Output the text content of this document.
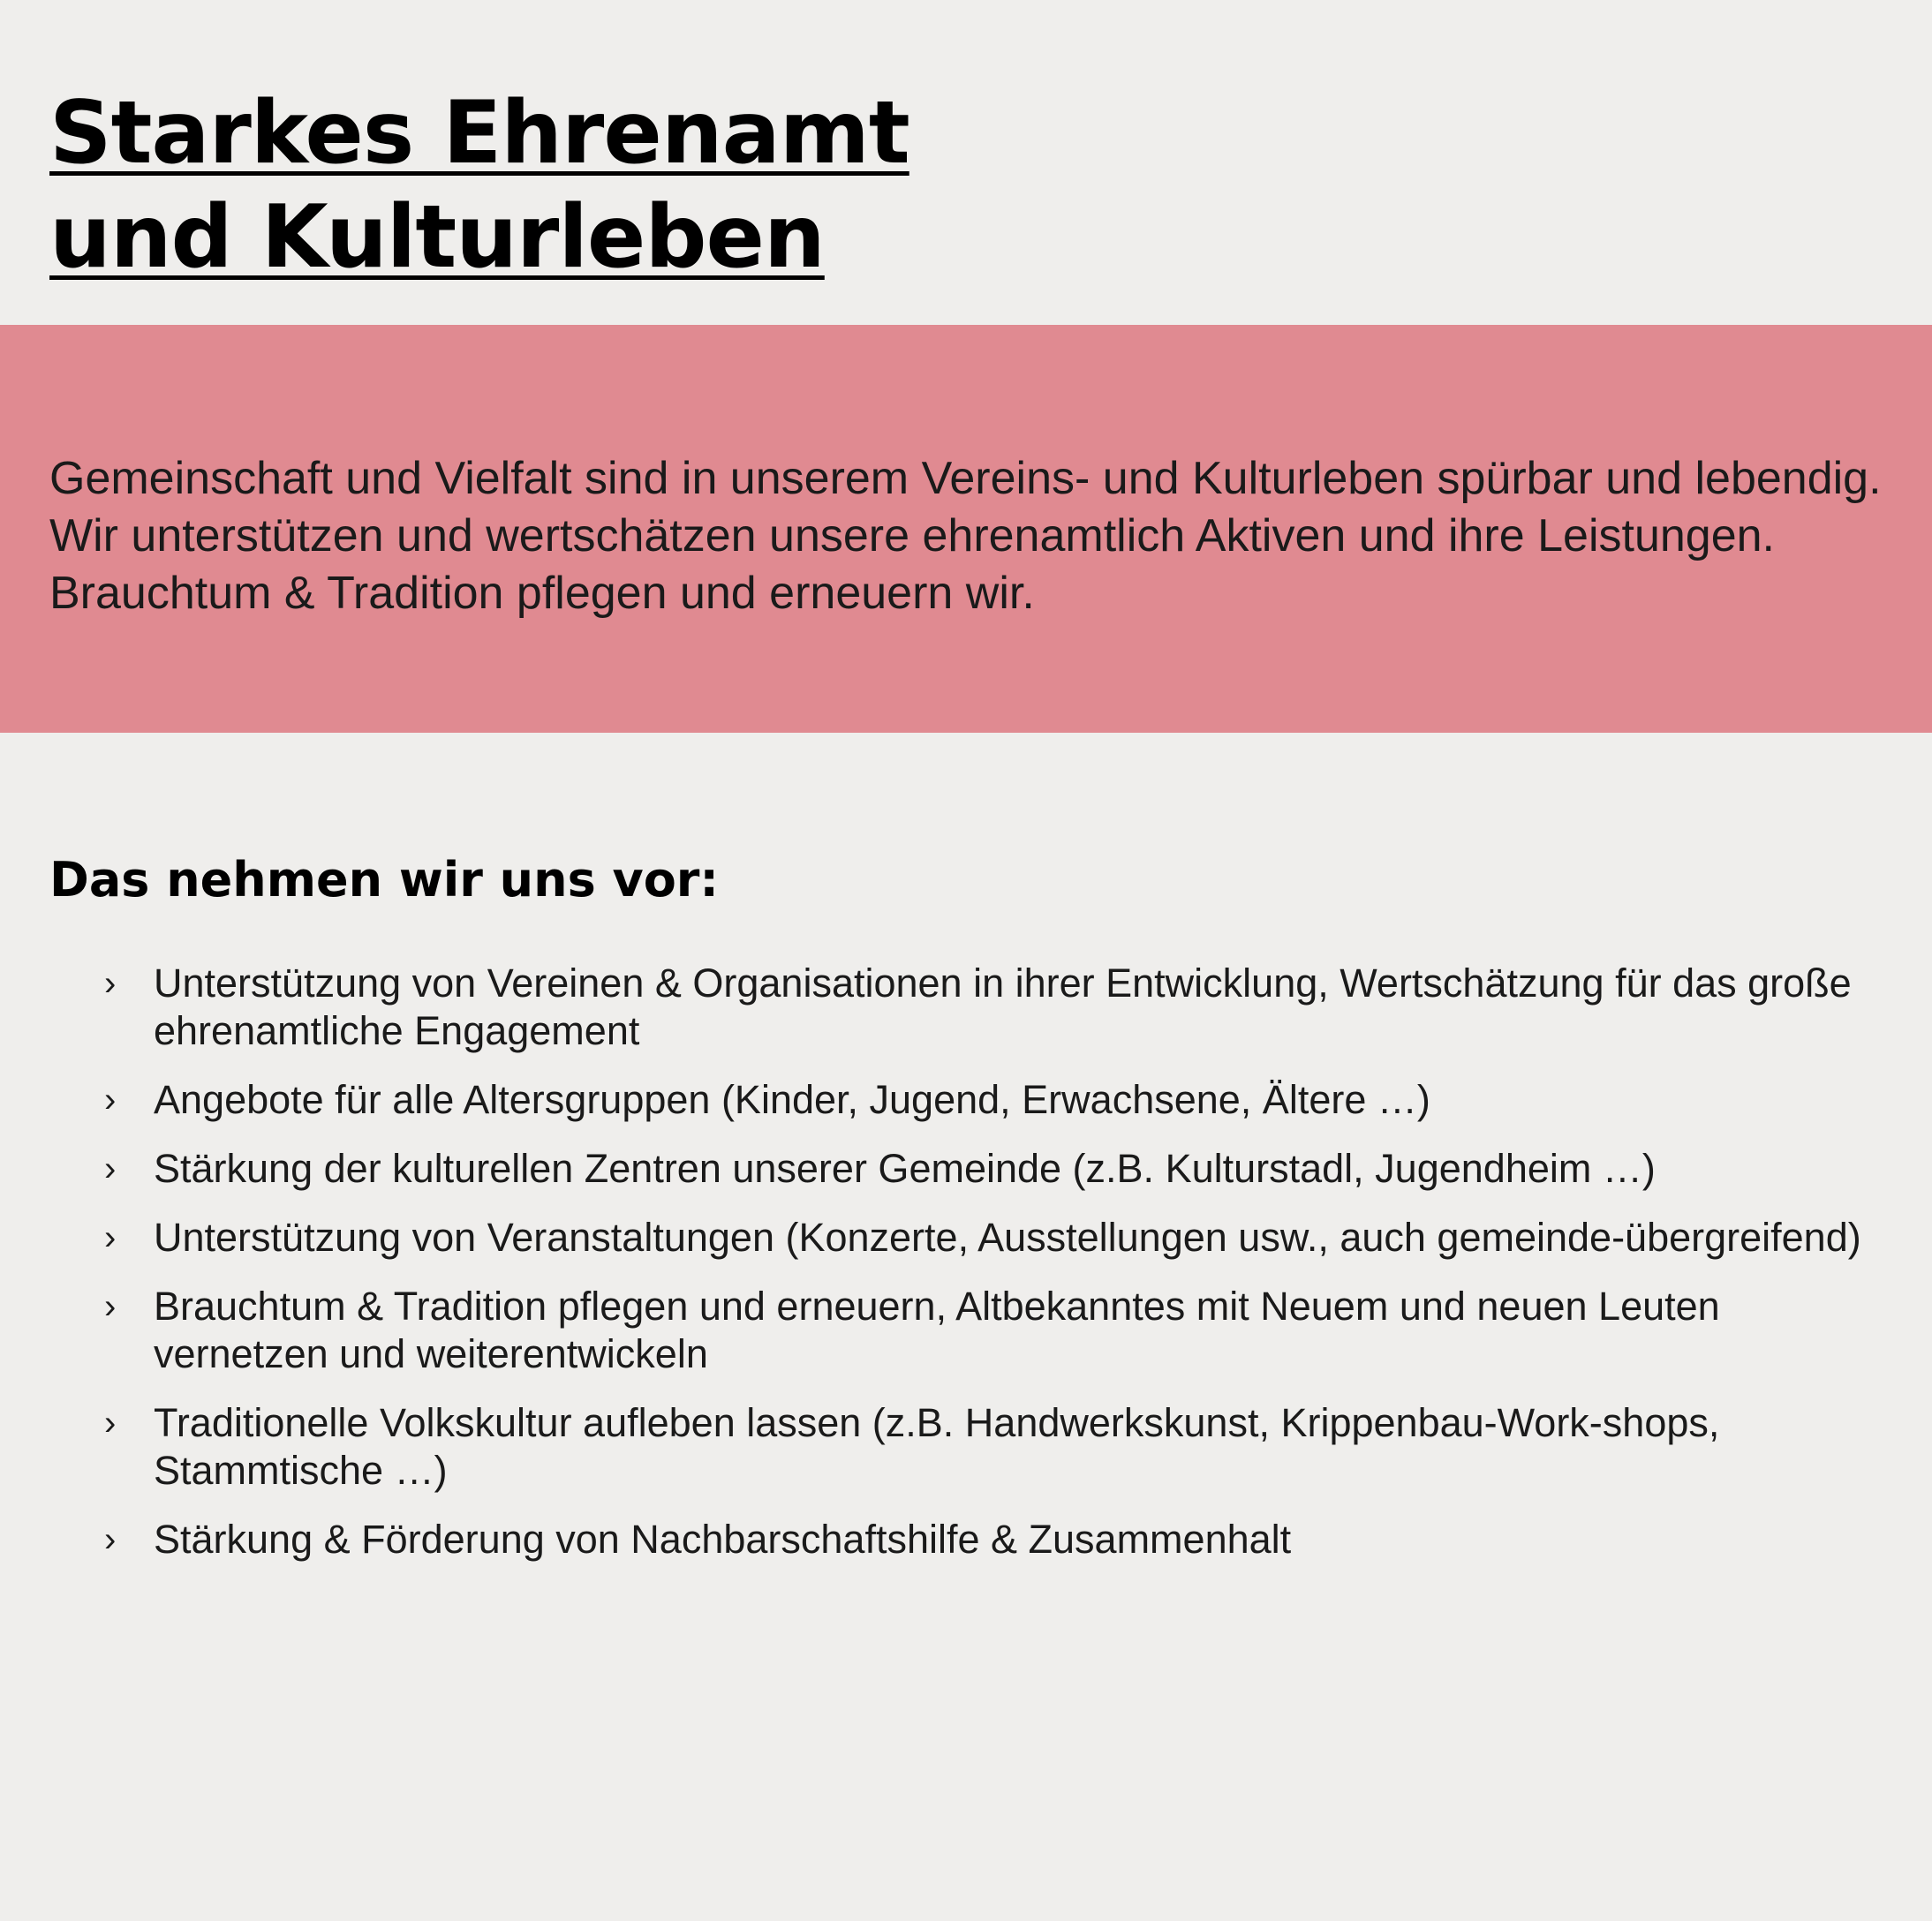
Starkes Ehrenamt
und Kulturleben

Gemeinschaft und Vielfalt sind in unserem Vereins- und Kulturleben spürbar und lebendig. Wir unterstützen und wertschätzen unsere ehrenamtlich Aktiven und ihre Leistungen. Brauchtum & Tradition pflegen und erneuern wir.

Das nehmen wir uns vor:
› Unterstützung von Vereinen & Organisationen in ihrer Entwicklung, Wertschätzung für das große ehrenamtliche Engagement
› Angebote für alle Altersgruppen (Kinder, Jugend, Erwachsene, Ältere …)
› Stärkung der kulturellen Zentren unserer Gemeinde (z.B. Kulturstadl, Jugendheim …)
› Unterstützung von Veranstaltungen (Konzerte, Ausstellungen usw., auch gemeinde-übergreifend)
› Brauchtum & Tradition pflegen und erneuern, Altbekanntes mit Neuem und neuen Leuten vernetzen und weiterentwickeln
› Traditionelle Volkskultur aufleben lassen (z.B. Handwerkskunst, Krippenbau-Work-shops, Stammtische …)
› Stärkung & Förderung von Nachbarschaftshilfe & Zusammenhalt
